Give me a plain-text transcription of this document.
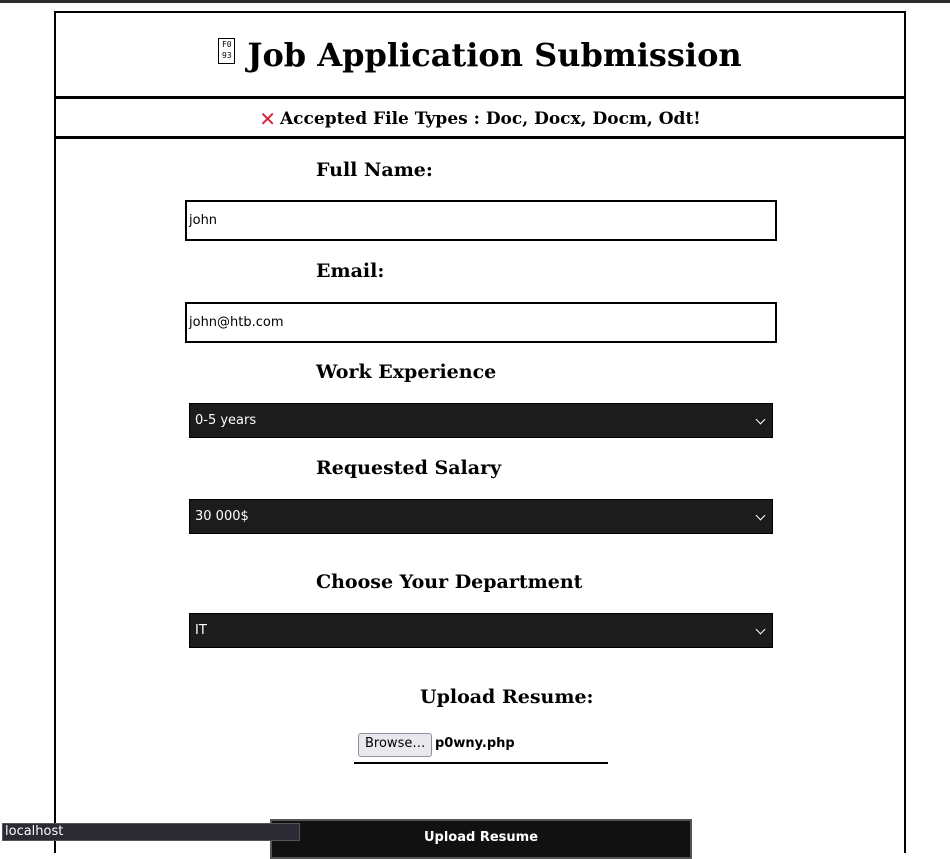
F0
93 Job Application Submission
✕ Accepted File Types : Doc, Docx, Docm, Odt!
Full Name:
john
Email:
john@htb.com
Work Experience
0-5 years
Requested Salary
30 000$
Choose Your Department
IT
Upload Resume:
Browse… p0wny.php
Upload Resume
localhost
